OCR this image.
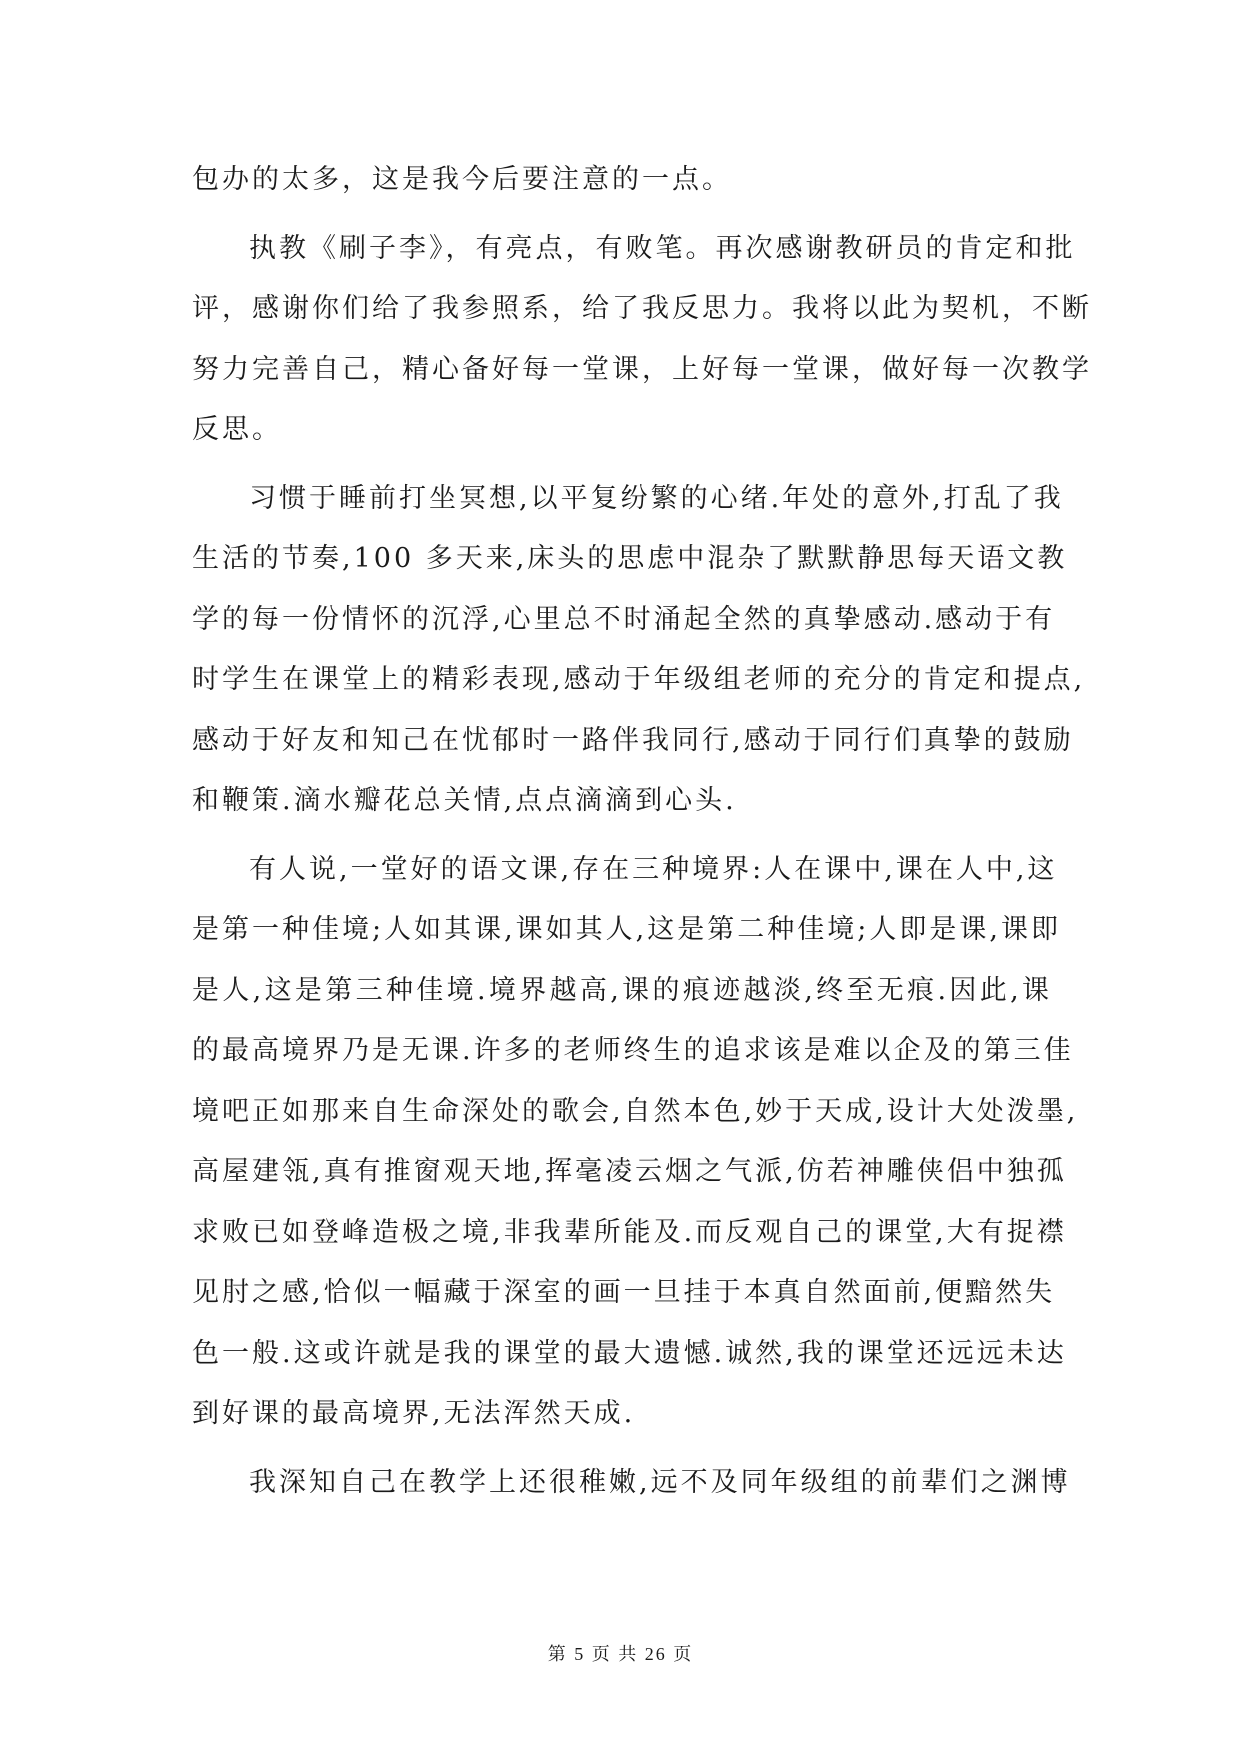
包办的太多，这是我今后要注意的一点。
执教《刷子李》，有亮点，有败笔。再次感谢教研员的肯定和批
评，感谢你们给了我参照系，给了我反思力。我将以此为契机，不断
努力完善自己，精心备好每一堂课，上好每一堂课，做好每一次教学
反思。
习惯于睡前打坐冥想,以平复纷繁的心绪.年处的意外,打乱了我
生活的节奏,100 多天来,床头的思虑中混杂了默默静思每天语文教
学的每一份情怀的沉浮,心里总不时涌起全然的真挚感动.感动于有
时学生在课堂上的精彩表现,感动于年级组老师的充分的肯定和提点,
感动于好友和知己在忧郁时一路伴我同行,感动于同行们真挚的鼓励
和鞭策.滴水瓣花总关情,点点滴滴到心头.
有人说,一堂好的语文课,存在三种境界:人在课中,课在人中,这
是第一种佳境;人如其课,课如其人,这是第二种佳境;人即是课,课即
是人,这是第三种佳境.境界越高,课的痕迹越淡,终至无痕.因此,课
的最高境界乃是无课.许多的老师终生的追求该是难以企及的第三佳
境吧正如那来自生命深处的歌会,自然本色,妙于天成,设计大处泼墨,
高屋建瓴,真有推窗观天地,挥毫凌云烟之气派,仿若神雕侠侣中独孤
求败已如登峰造极之境,非我辈所能及.而反观自己的课堂,大有捉襟
见肘之感,恰似一幅藏于深室的画一旦挂于本真自然面前,便黯然失
色一般.这或许就是我的课堂的最大遗憾.诚然,我的课堂还远远未达
到好课的最高境界,无法浑然天成.
我深知自己在教学上还很稚嫩,远不及同年级组的前辈们之渊博
第 5 页 共 26 页
